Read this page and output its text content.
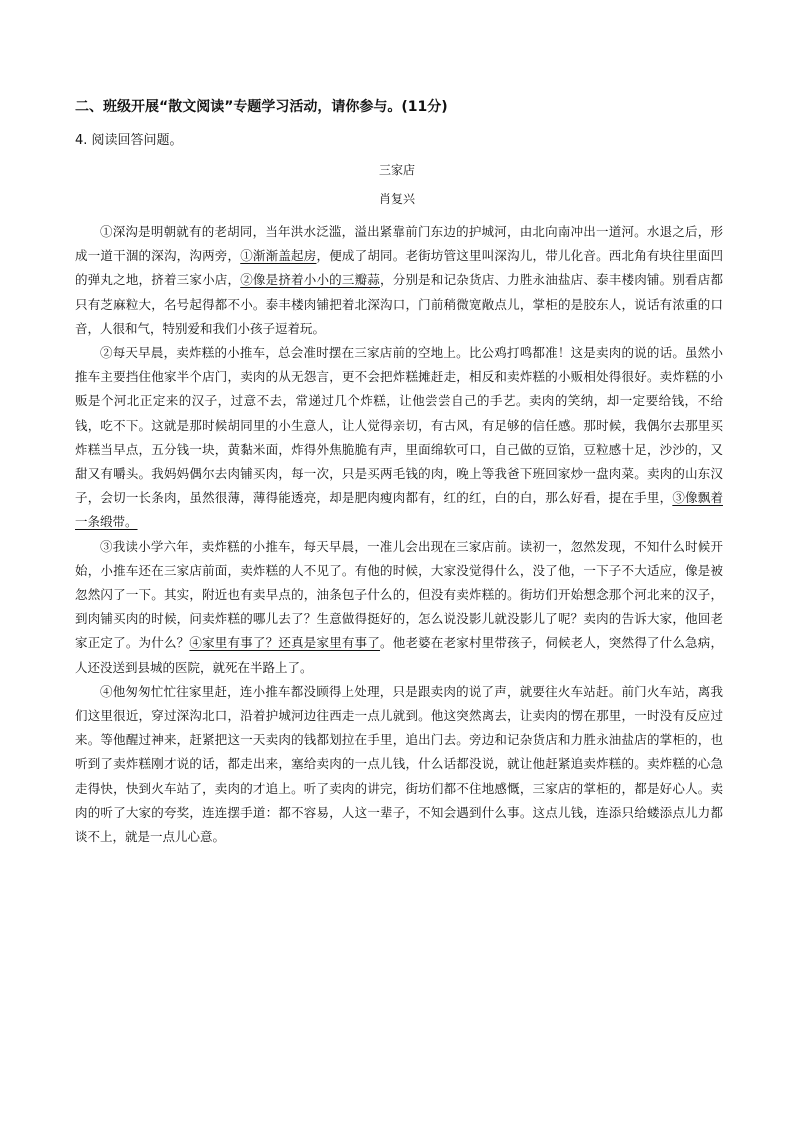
二、班级开展“散文阅读”专题学习活动，请你参与。(11分)
4. 阅读回答问题。
三家店
肖复兴

①深沟是明朝就有的老胡同，当年洪水泛滥，溢出紧靠前门东边的护城河，由北向南冲出一道河。水退之后，形成一道干涸的深沟，沟两旁，①渐渐盖起房，便成了胡同。老街坊管这里叫深沟儿，带儿化音。西北角有块往里面凹的弹丸之地，挤着三家小店，②像是挤着小小的三瓣蒜，分别是和记杂货店、力胜永油盐店、泰丰楼肉铺。别看店都只有芝麻粒大，名号起得都不小。泰丰楼肉铺把着北深沟口，门前稍微宽敞点儿，掌柜的是胶东人，说话有浓重的口音，人很和气，特别爱和我们小孩子逗着玩。

②每天早晨，卖炸糕的小推车，总会准时摆在三家店前的空地上。比公鸡打鸣都准！这是卖肉的说的话。虽然小推车主要挡住他家半个店门，卖肉的从无怨言，更不会把炸糕摊赶走，相反和卖炸糕的小贩相处得很好。卖炸糕的小贩是个河北正定来的汉子，过意不去，常递过几个炸糕，让他尝尝自己的手艺。卖肉的笑纳，却一定要给钱，不给钱，吃不下。这就是那时候胡同里的小生意人，让人觉得亲切，有古风，有足够的信任感。那时候，我偶尔去那里买炸糕当早点，五分钱一块，黄黏米面，炸得外焦脆脆有声，里面绵软可口，自己做的豆馅，豆粒感十足，沙沙的，又甜又有嚼头。我妈妈偶尔去肉铺买肉，每一次，只是买两毛钱的肉，晚上等我爸下班回家炒一盘肉菜。卖肉的山东汉子，会切一长条肉，虽然很薄，薄得能透亮，却是肥肉瘦肉都有，红的红，白的白，那么好看，提在手里，③像飘着一条缎带。

③我读小学六年，卖炸糕的小推车，每天早晨，一准儿会出现在三家店前。读初一，忽然发现，不知什么时候开始，小推车还在三家店前面，卖炸糕的人不见了。有他的时候，大家没觉得什么，没了他，一下子不大适应，像是被忽然闪了一下。其实，附近也有卖早点的，油条包子什么的，但没有卖炸糕的。街坊们开始想念那个河北来的汉子，到肉铺买肉的时候，问卖炸糕的哪儿去了？生意做得挺好的，怎么说没影儿就没影儿了呢？卖肉的告诉大家，他回老家正定了。为什么？④家里有事了？还真是家里有事了。他老婆在老家村里带孩子，伺候老人，突然得了什么急病，人还没送到县城的医院，就死在半路上了。

④他匆匆忙忙往家里赶，连小推车都没顾得上处理，只是跟卖肉的说了声，就要往火车站赶。前门火车站，离我们这里很近，穿过深沟北口，沿着护城河边往西走一点儿就到。他这突然离去，让卖肉的愣在那里，一时没有反应过来。等他醒过神来，赶紧把这一天卖肉的钱都划拉在手里，追出门去。旁边和记杂货店和力胜永油盐店的掌柜的，也听到了卖炸糕刚才说的话，都走出来，塞给卖肉的一点儿钱，什么话都没说，就让他赶紧追卖炸糕的。卖炸糕的心急走得快，快到火车站了，卖肉的才追上。听了卖肉的讲完，街坊们都不住地感慨，三家店的掌柜的，都是好心人。卖肉的听了大家的夸奖，连连摆手道：都不容易，人这一辈子，不知会遇到什么事。这点儿钱，连添只给蝼添点儿力都谈不上，就是一点儿心意。
